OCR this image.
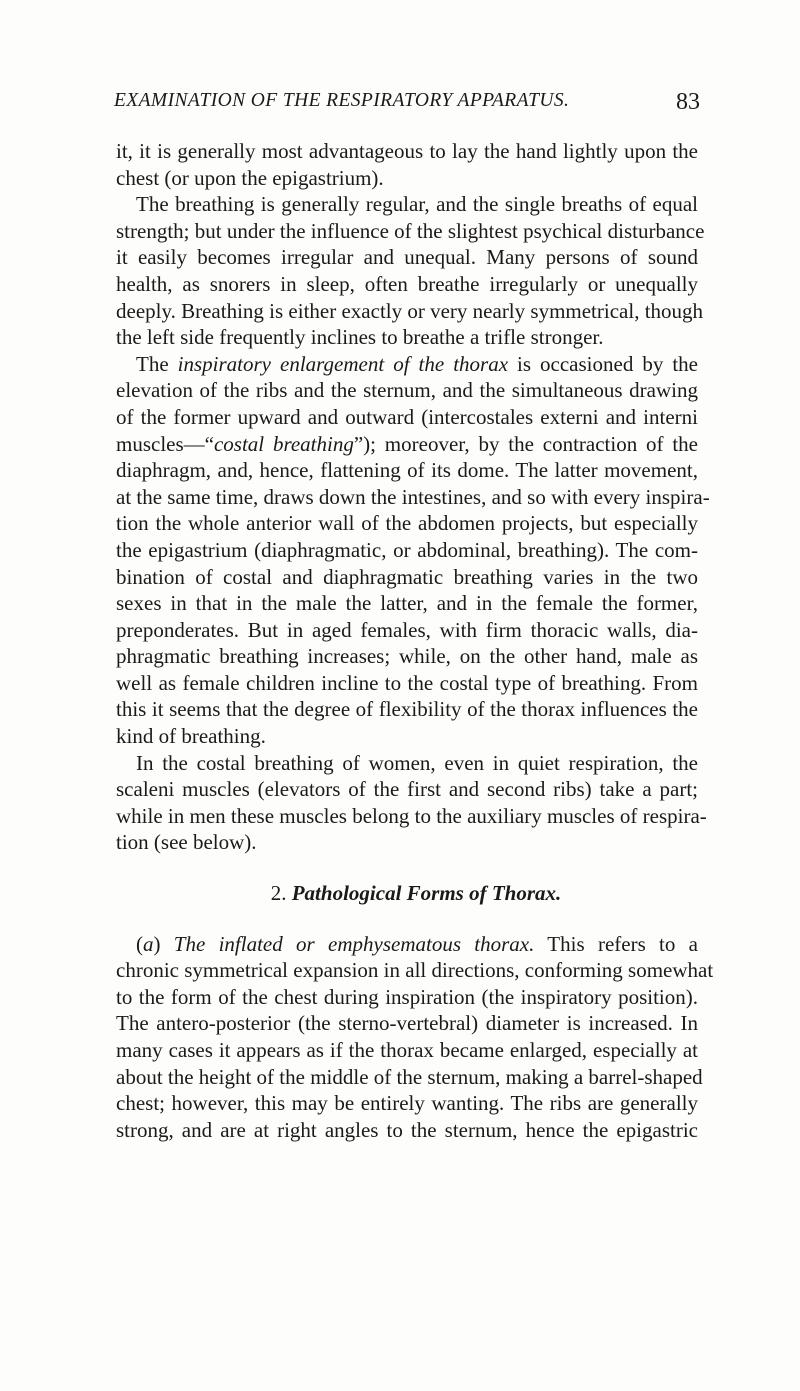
EXAMINATION OF THE RESPIRATORY APPARATUS.	83
it, it is generally most advantageous to lay the hand lightly upon the
chest (or upon the epigastrium).
The breathing is generally regular, and the single breaths of equal
strength; but under the influence of the slightest psychical disturbance
it easily becomes irregular and unequal. Many persons of sound
health, as snorers in sleep, often breathe irregularly or unequally
deeply. Breathing is either exactly or very nearly symmetrical, though
the left side frequently inclines to breathe a trifle stronger.
The inspiratory enlargement of the thorax is occasioned by the
elevation of the ribs and the sternum, and the simultaneous drawing
of the former upward and outward (intercostales externi and interni
muscles—“costal breathing”); moreover, by the contraction of the
diaphragm, and, hence, flattening of its dome. The latter movement,
at the same time, draws down the intestines, and so with every inspira-
tion the whole anterior wall of the abdomen projects, but especially
the epigastrium (diaphragmatic, or abdominal, breathing). The com-
bination of costal and diaphragmatic breathing varies in the two
sexes in that in the male the latter, and in the female the former,
preponderates. But in aged females, with firm thoracic walls, dia-
phragmatic breathing increases; while, on the other hand, male as
well as female children incline to the costal type of breathing. From
this it seems that the degree of flexibility of the thorax influences the
kind of breathing.
In the costal breathing of women, even in quiet respiration, the
scaleni muscles (elevators of the first and second ribs) take a part;
while in men these muscles belong to the auxiliary muscles of respira-
tion (see below).
2. Pathological Forms of Thorax.
(a) The inflated or emphysematous thorax. This refers to a
chronic symmetrical expansion in all directions, conforming somewhat
to the form of the chest during inspiration (the inspiratory position).
The antero-posterior (the sterno-vertebral) diameter is increased. In
many cases it appears as if the thorax became enlarged, especially at
about the height of the middle of the sternum, making a barrel-shaped
chest; however, this may be entirely wanting. The ribs are generally
strong, and are at right angles to the sternum, hence the epigastric
